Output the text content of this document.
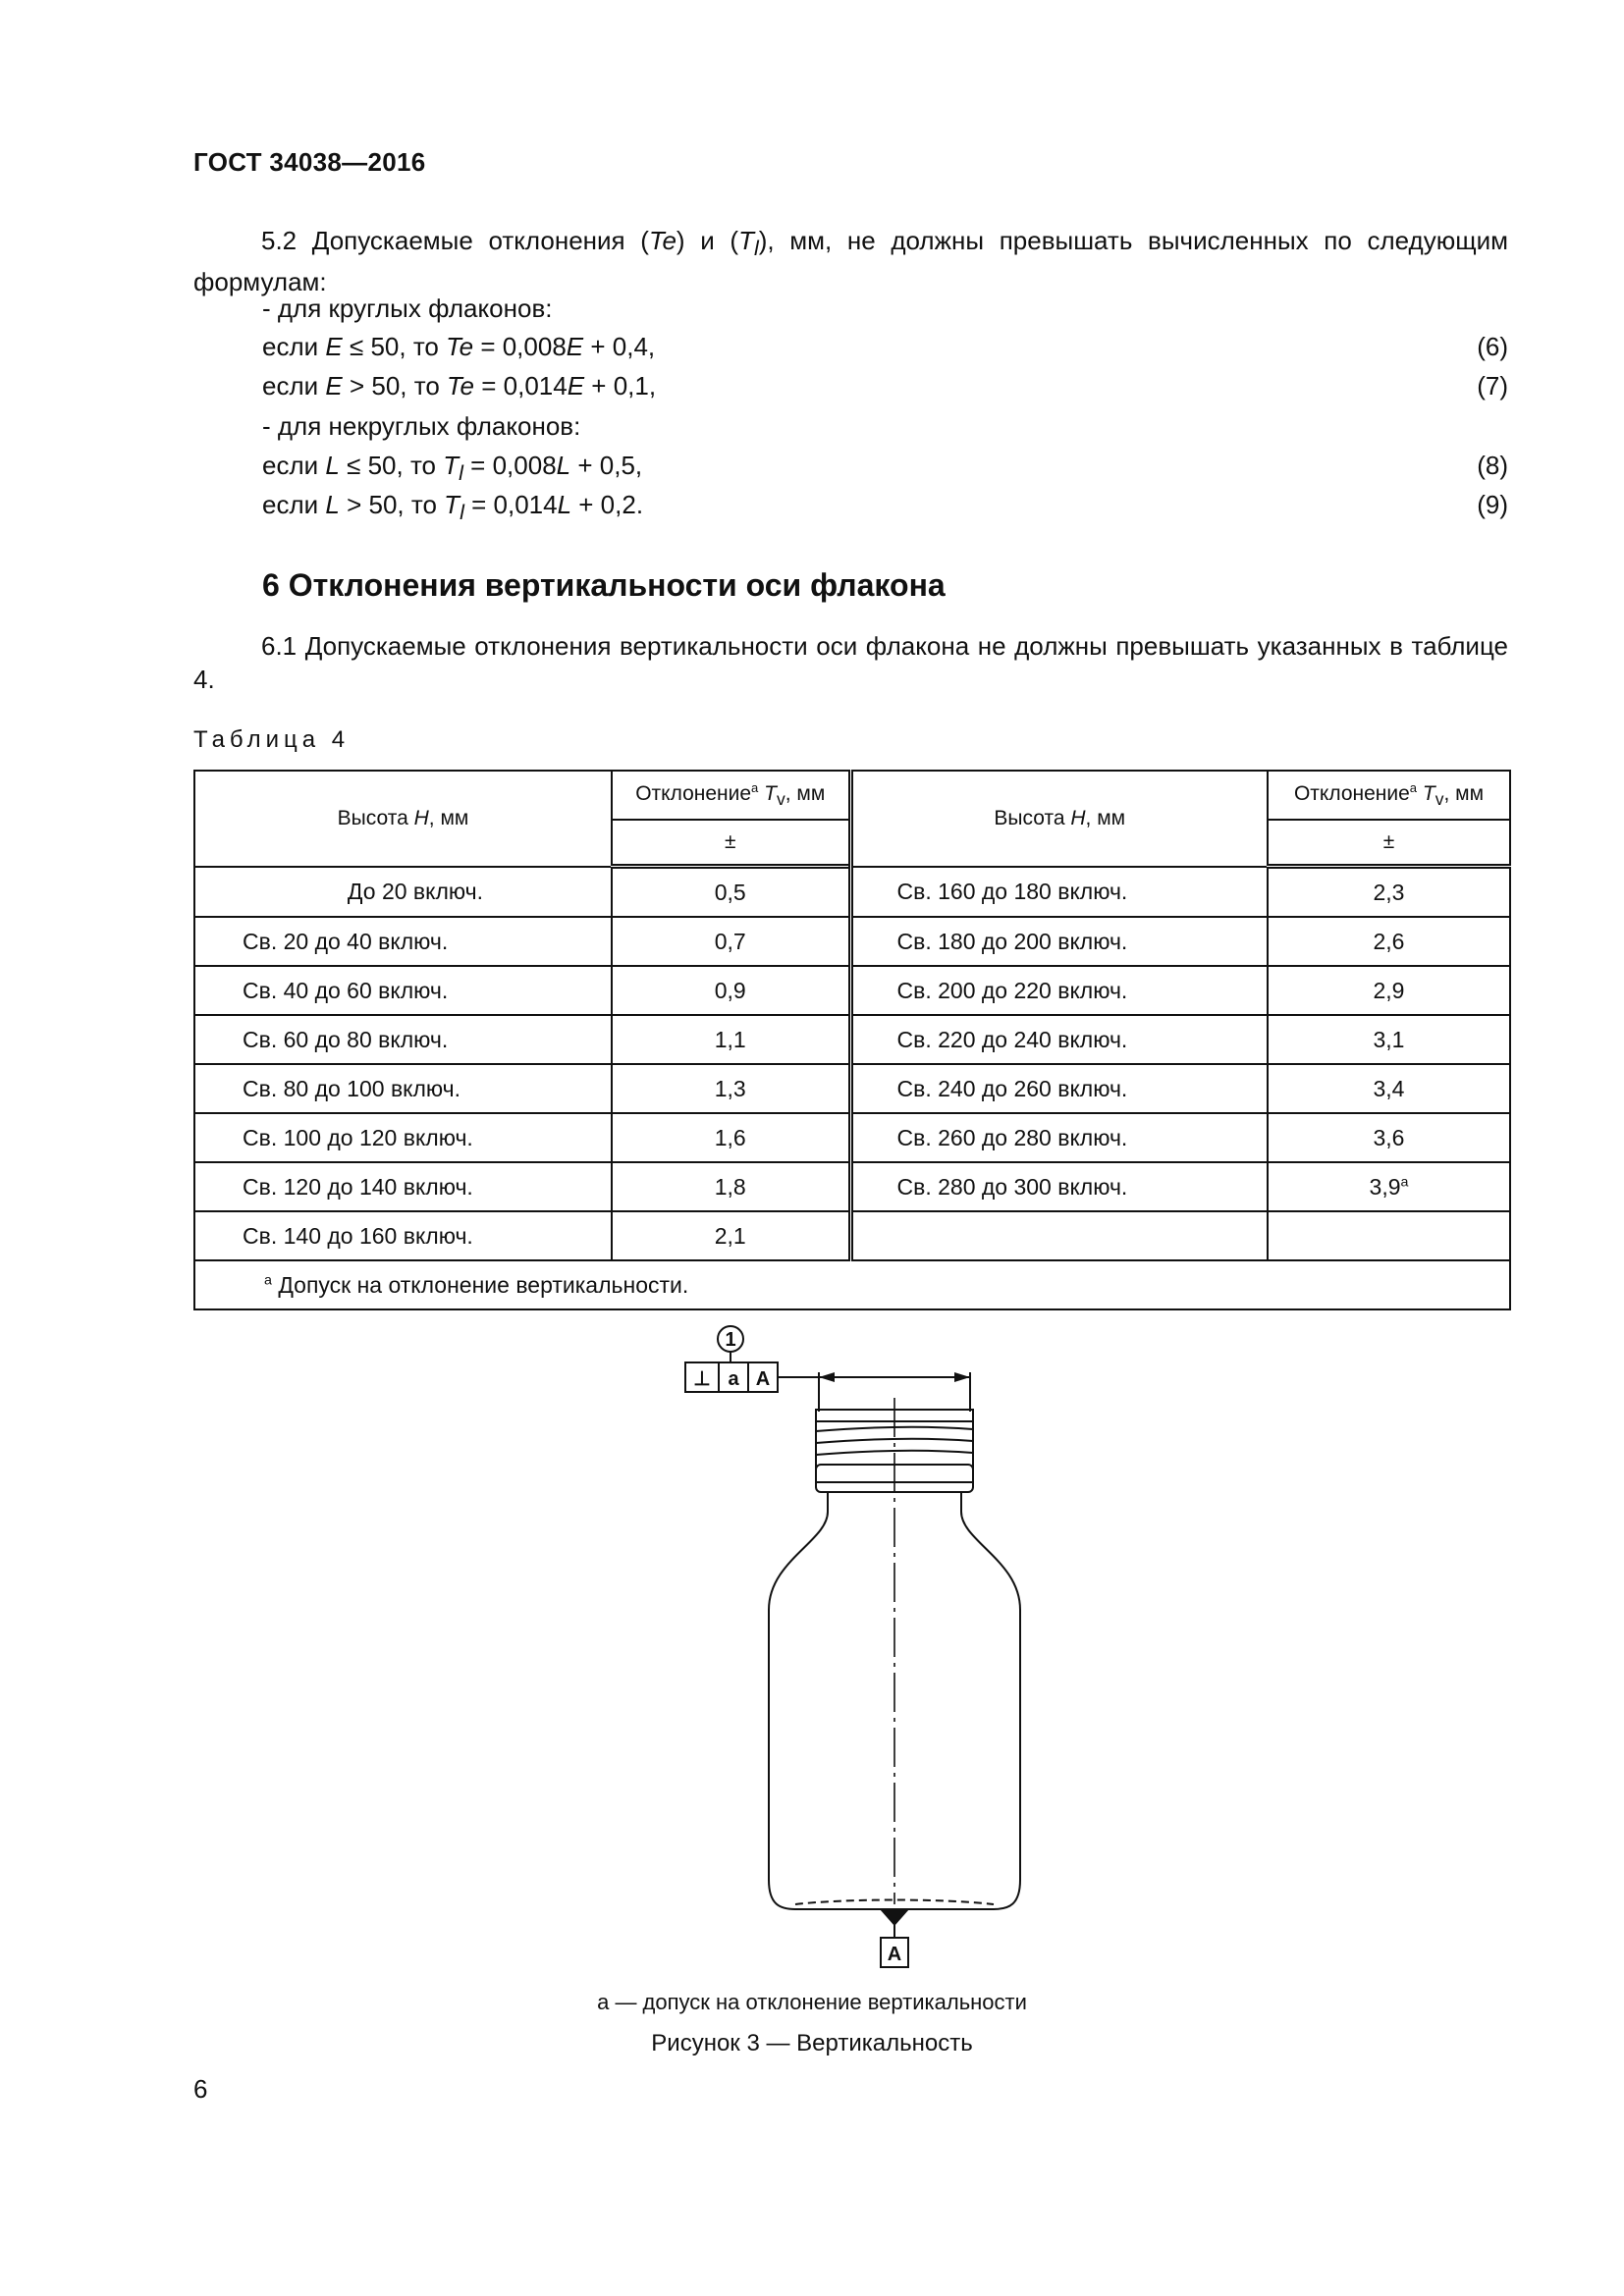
ГОСТ 34038—2016
5.2 Допускаемые отклонения (Te) и $(T_l)$, мм, не должны превышать вычисленных по следующим формулам:
- для круглых флаконов:
если E ≤ 50, то Te = 0,008E + 0,4,	(6)
если E > 50, то Te = 0,014E + 0,1,	(7)
- для некруглых флаконов:
если L ≤ 50, то $T_l = 0,008L + 0,5$,	(8)
если L > 50, то $T_l = 0,014L + 0,2$.	(9)
6 Отклонения вертикальности оси флакона
6.1 Допускаемые отклонения вертикальности оси флакона не должны превышать указанных в таблице 4.
Таблица 4
Высота H, мм	Отклонение$^a$ $T_v$, мм	Высота H, мм	Отклонение$^a$ $T_v$, мм
	±		±
До 20 включ.	0,5	Св. 160 до 180 включ.	2,3
Св. 20 до 40 включ.	0,7	Св. 180 до 200 включ.	2,6
Св. 40 до 60 включ.	0,9	Св. 200 до 220 включ.	2,9
Св. 60 до 80 включ.	1,1	Св. 220 до 240 включ.	3,1
Св. 80 до 100 включ.	1,3	Св. 240 до 260 включ.	3,4
Св. 100 до 120 включ.	1,6	Св. 260 до 280 включ.	3,6
Св. 120 до 140 включ.	1,8	Св. 280 до 300 включ.	3,9$^a$
Св. 140 до 160 включ.	2,1		
$^a$ Допуск на отклонение вертикальности.			
1
⊥ a A
A
a — допуск на отклонение вертикальности
Рисунок 3 — Вертикальность
6
